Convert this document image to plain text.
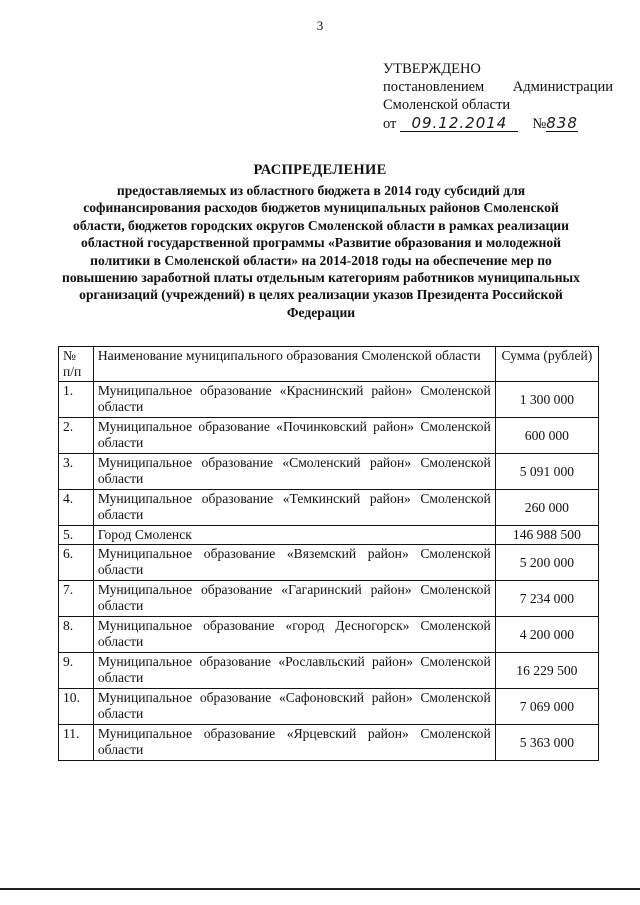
3
УТВЕРЖДЕНО
постановлением Администрации
Смоленской области
от	09.12.2014	№ 838
РАСПРЕДЕЛЕНИЕ
предоставляемых из областного бюджета в 2014 году субсидий для софинансирования расходов бюджетов муниципальных районов Смоленской области, бюджетов городских округов Смоленской области в рамках реализации областной государственной программы «Развитие образования и молодежной политики в Смоленской области» на 2014-2018 годы на обеспечение мер по повышению заработной платы отдельным категориям работников муниципальных организаций (учреждений) в целях реализации указов Президента Российской Федерации
№ п/п	Наименование муниципального образования Смоленской области	Сумма (рублей)
1.	Муниципальное образование «Краснинский район» Смоленской области	1 300 000
2.	Муниципальное образование «Починковский район» Смоленской области	600 000
3.	Муниципальное образование «Смоленский район» Смоленской области	5 091 000
4.	Муниципальное образование «Темкинский район» Смоленской области	260 000
5.	Город Смоленск	146 988 500
6.	Муниципальное образование «Вяземский район» Смоленской области	5 200 000
7.	Муниципальное образование «Гагаринский район» Смоленской области	7 234 000
8.	Муниципальное образование «город Десногорск» Смоленской области	4 200 000
9.	Муниципальное образование «Рославльский район» Смоленской области	16 229 500
10.	Муниципальное образование «Сафоновский район» Смоленской области	7 069 000
11.	Муниципальное образование «Ярцевский район» Смоленской области	5 363 000
